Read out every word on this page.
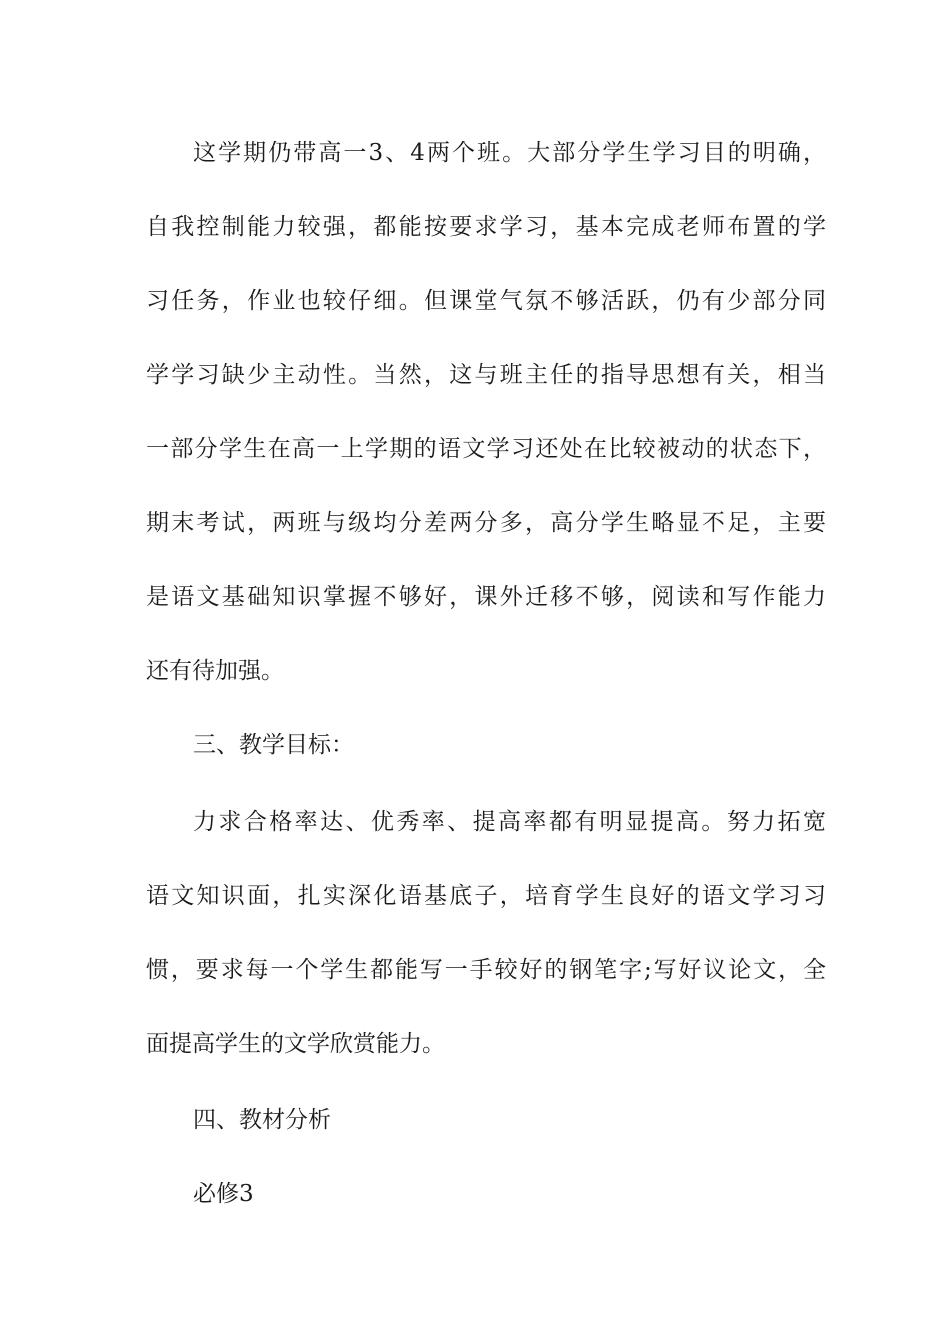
这学期仍带高一3、4两个班。大部分学生学习目的明确，
自我控制能力较强，都能按要求学习，基本完成老师布置的学
习任务，作业也较仔细。但课堂气氛不够活跃，仍有少部分同
学学习缺少主动性。当然，这与班主任的指导思想有关，相当
一部分学生在高一上学期的语文学习还处在比较被动的状态下，
期末考试，两班与级均分差两分多，高分学生略显不足，主要
是语文基础知识掌握不够好，课外迁移不够，阅读和写作能力
还有待加强。
三、教学目标：
力求合格率达、优秀率、提高率都有明显提高。努力拓宽
语文知识面，扎实深化语基底子，培育学生良好的语文学习习
惯，要求每一个学生都能写一手较好的钢笔字;写好议论文，全
面提高学生的文学欣赏能力。
四、教材分析
必修3
